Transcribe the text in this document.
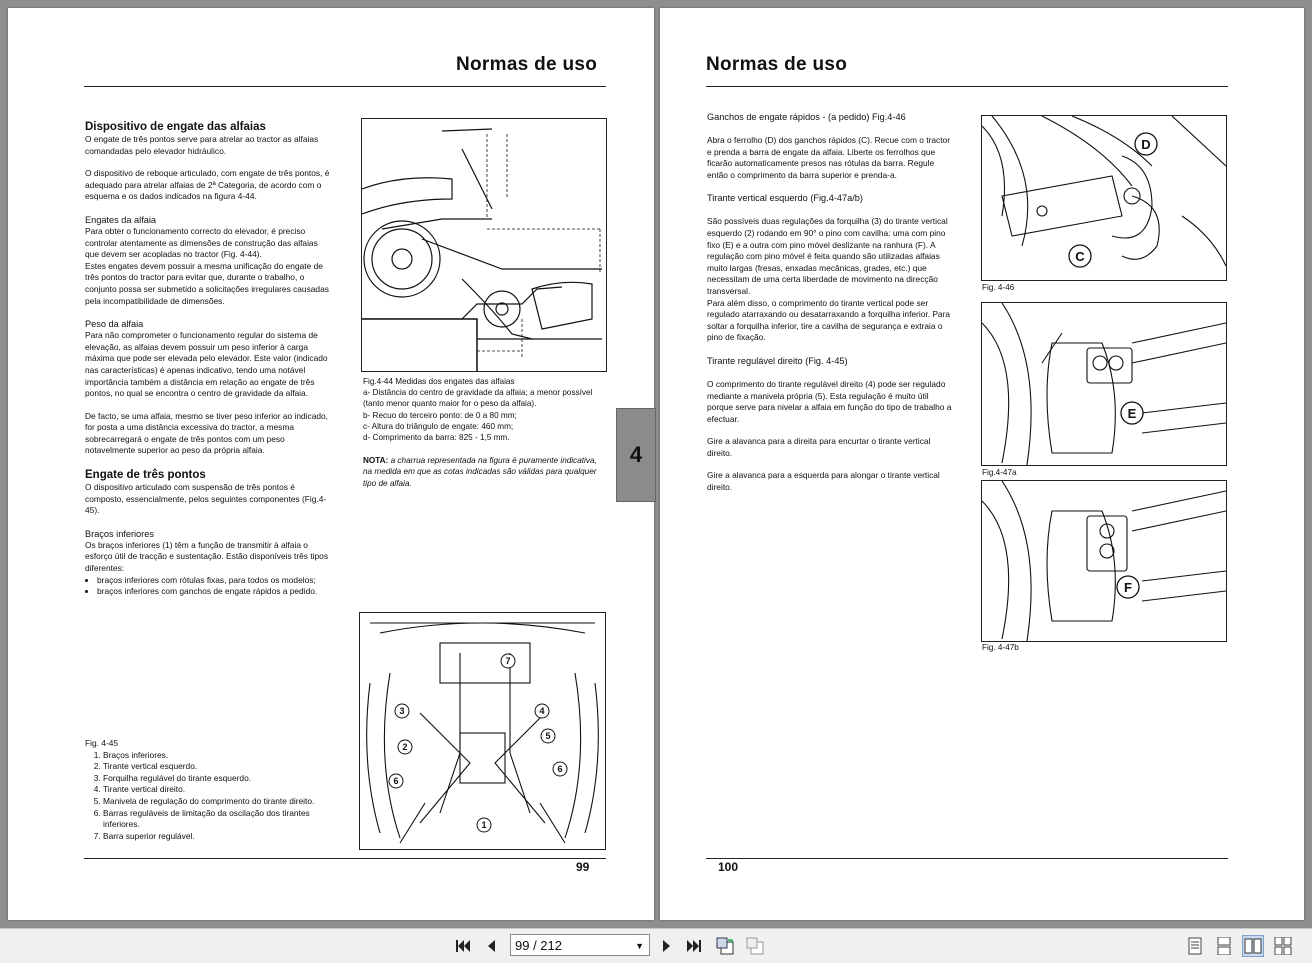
Normas de uso
Dispositivo de engate das alfaias

O engate de três pontos serve para atrelar ao tractor as alfaias comandadas pelo elevador hidráulico.

O dispositivo de reboque articulado, com engate de três pontos, é adequado para atrelar alfaias de 2ª Categoria, de acordo com o esquema e os dados indicados na figura 4-44.

Engates da alfaia
Para obter o funcionamento correcto do elevador, é preciso controlar atentamente as dimensões de construção das alfaias que devem ser acopladas no tractor (Fig. 4-44).

Estes engates devem possuir a mesma unificação do engate de três pontos do tractor para evitar que, durante o trabalho, o conjunto possa ser submetido a solicitações irregulares causadas pela incompatibilidade de dimensões.

Peso da alfaia

Para não comprometer o funcionamento regular do sistema de elevação, as alfaias devem possuir um peso inferior à carga máxima que pode ser elevada pelo elevador. Este valor (indicado nas características) é apenas indicativo, tendo uma notável importância também a distância em relação ao engate de três pontos, no qual se encontra o centro de gravidade da alfaia.

De facto, se uma alfaia, mesmo se tiver peso inferior ao indicado, for posta a uma distância excessiva do tractor, a mesma sobrecarregará o engate de três pontos com um peso notavelmente superior ao peso da própria alfaia.

Engate de três pontos

O dispositivo articulado com suspensão de três pontos é composto, essencialmente, pelos seguintes componentes (Fig.4-45).

Braços inferiores
Os braços inferiores (1) têm a função de transmitir à alfaia o esforço útil de tracção e sustentação. Estão disponíveis três tipos diferentes:
• braços inferiores com rótulas fixas, para todos os modelos;
• braços inferiores com ganchos de engate rápidos a pedido.
Fig. 4-45
1. Braços inferiores.
2. Tirante vertical esquerdo.
3. Forquilha regulável do tirante esquerdo.
4. Tirante vertical direito.
5. Manivela de regulação do comprimento do tirante direito.
6. Barras reguláveis de limitação da oscilação dos tirantes inferiores.
7. Barra superior regulável.
Fig.4-44 Medidas dos engates das alfaias
a- Distância do centro de gravidade da alfaia; a menor possível (tanto menor quanto maior for o peso da alfaia).
b- Recuo do terceiro ponto: de 0 a 80 mm;
c- Altura do triângulo de engate: 460 mm;
d- Comprimento da barra: 825 - 1,5 mm.
NOTA: a charrua representada na figura é puramente indicativa, na medida em que as cotas indicadas são válidas para qualquer tipo de alfaia.
7
3	4
2
5
6
6
1
99
4
Normas de uso
Ganchos de engate rápidos - (a pedido) Fig.4-46

Abra o ferrolho (D) dos ganchos rápidos (C). Recue com o tractor e prenda a barra de engate da alfaia. Liberte os ferrolhos que ficarão automaticamente presos nas rótulas da barra. Regule então o comprimento da barra superior e prenda-a.

Tirante vertical esquerdo (Fig.4-47a/b)
São possíveis duas regulações da forquilha (3) do tirante vertical esquerdo (2) rodando em 90° o pino com cavilha: uma com pino fixo (E) e a outra com pino móvel deslizante na ranhura (F). A regulação com pino móvel é feita quando são utilizadas alfaias muito largas (fresas, enxadas mecânicas, grades, etc.) que necessitam de uma certa liberdade de movimento na direcção transversal.

Para além disso, o comprimento do tirante vertical pode ser regulado atarraxando ou desatarraxando a forquilha inferior. Para soltar a forquilha inferior, tire a cavilha de segurança e extraia o pino de fixação.

Tirante regulável direito (Fig. 4-45)

O comprimento do tirante regulável direito (4) pode ser regulado mediante a manivela própria (5). Esta regulação é muito útil porque serve para nivelar a alfaia em função do tipo de trabalho a efectuar.

Gire a alavanca para a direita para encurtar o tirante vertical direito.

Gire a alavanca para a esquerda para alongar o tirante vertical direito.

D
C
Fig. 4-46
E
Fig.4-47a
F
Fig. 4-47b
100
99 / 212	▼
